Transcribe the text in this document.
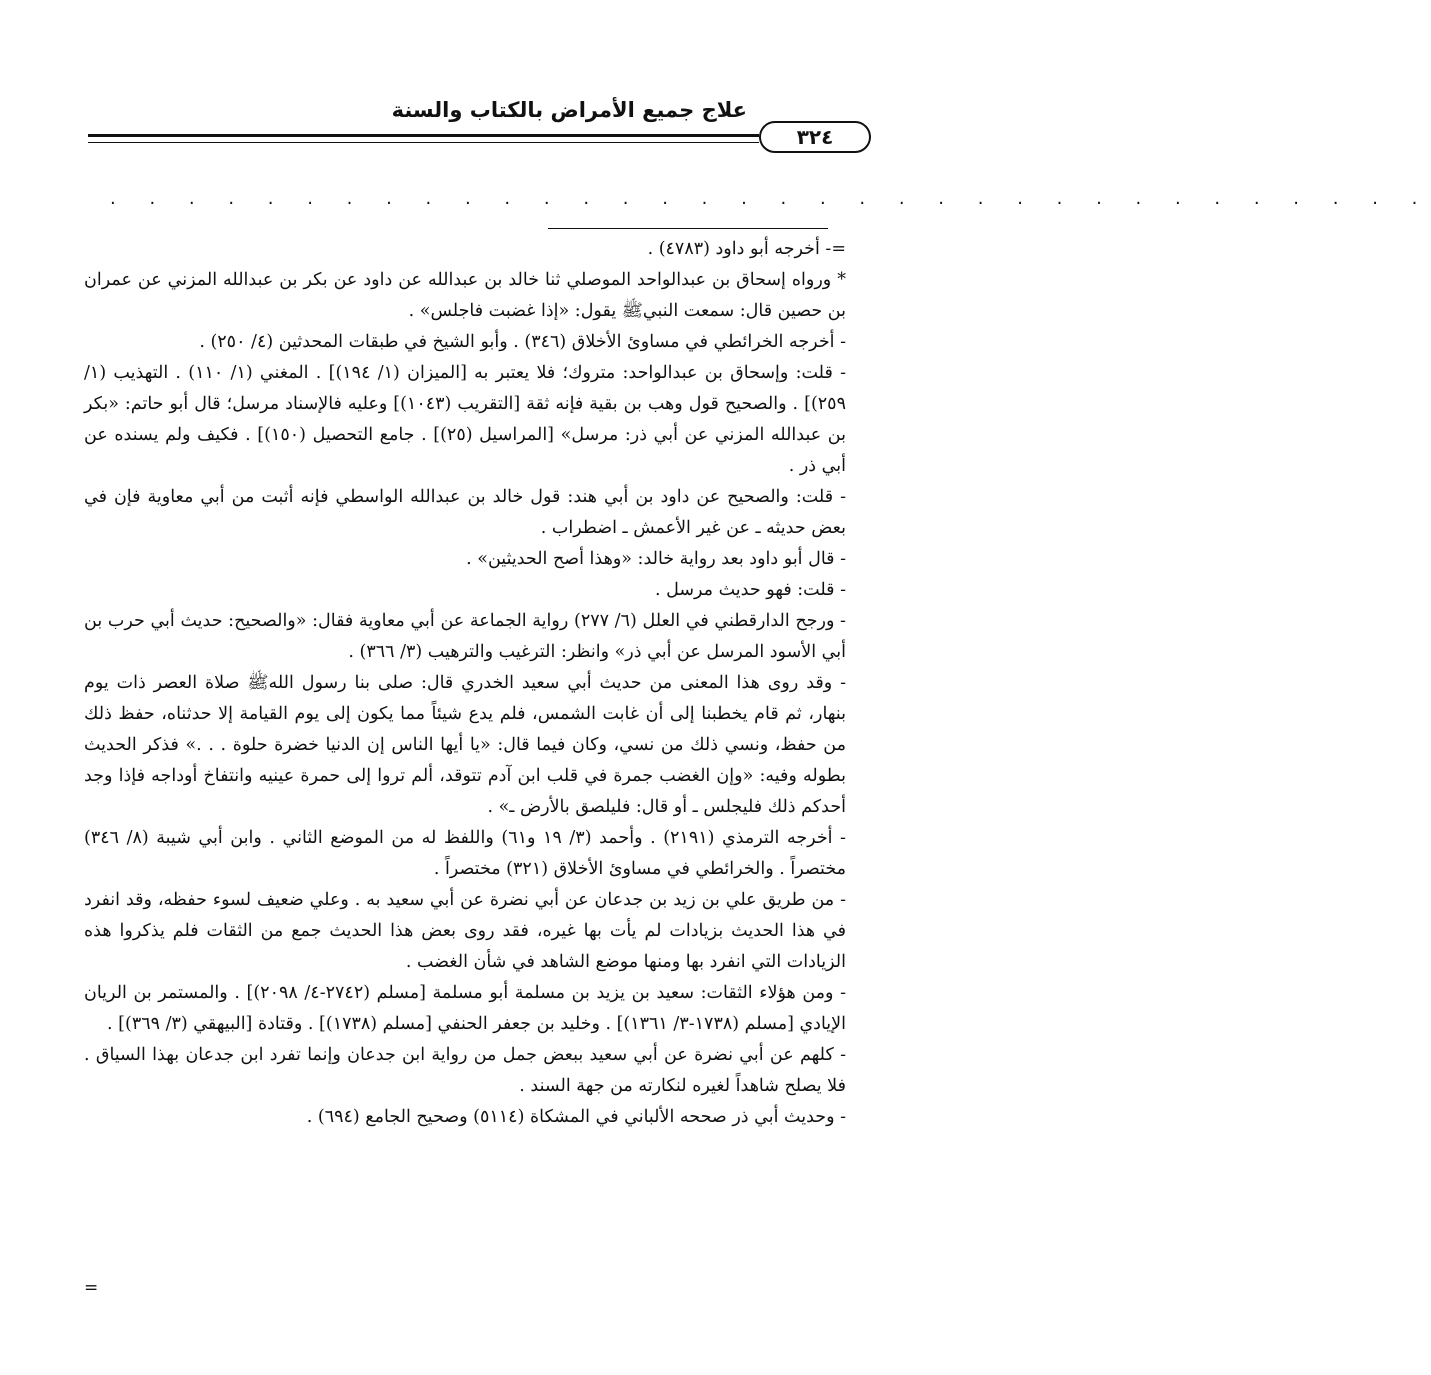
علاج جميع الأمراض بالكتاب والسنة
٣٢٤
. . . . . . . . . . . . . . . . . . . . . . . . . . . . . . . . . .

=- أخرجه أبو داود (٤٧٨٣) .

* ورواه إسحاق بن عبدالواحد الموصلي ثنا خالد بن عبدالله عن داود عن بكر بن عبدالله المزني عن عمران بن حصين قال: سمعت النبيﷺ يقول: «إذا غضبت فاجلس» .

- أخرجه الخرائطي في مساوئ الأخلاق (٣٤٦) . وأبو الشيخ في طبقات المحدثين (٤/ ٢٥٠) .

- قلت: وإسحاق بن عبدالواحد: متروك؛ فلا يعتبر به [الميزان (١/ ١٩٤)] . المغني (١/ ١١٠) . التهذيب (١/ ٢٥٩)] . والصحيح قول وهب بن بقية فإنه ثقة [التقريب (١٠٤٣)] وعليه فالإسناد مرسل؛ قال أبو حاتم: «بكر بن عبدالله المزني عن أبي ذر: مرسل» [المراسيل (٢٥)] . جامع التحصيل (١٥٠)] . فكيف ولم يسنده عن أبي ذر .

- قلت: والصحيح عن داود بن أبي هند: قول خالد بن عبدالله الواسطي فإنه أثبت من أبي معاوية فإن في بعض حديثه ـ عن غير الأعمش ـ اضطراب .

- قال أبو داود بعد رواية خالد: «وهذا أصح الحديثين» .

- قلت: فهو حديث مرسل .

- ورجح الدارقطني في العلل (٦/ ٢٧٧) رواية الجماعة عن أبي معاوية فقال: «والصحيح: حديث أبي حرب بن أبي الأسود المرسل عن أبي ذر» وانظر: الترغيب والترهيب (٣/ ٣٦٦) .

- وقد روى هذا المعنى من حديث أبي سعيد الخدري قال: صلى بنا رسول اللهﷺ صلاة العصر ذات يوم بنهار، ثم قام يخطبنا إلى أن غابت الشمس، فلم يدع شيئاً مما يكون إلى يوم القيامة إلا حدثناه، حفظ ذلك من حفظ، ونسي ذلك من نسي، وكان فيما قال: «يا أيها الناس إن الدنيا خضرة حلوة . . .» فذكر الحديث بطوله وفيه: «وإن الغضب جمرة في قلب ابن آدم تتوقد، ألم تروا إلى حمرة عينيه وانتفاخ أوداجه فإذا وجد أحدكم ذلك فليجلس ـ أو قال: فليلصق بالأرض ـ» .

- أخرجه الترمذي (٢١٩١) . وأحمد (٣/ ١٩ و٦١) واللفظ له من الموضع الثاني . وابن أبي شيبة (٨/ ٣٤٦) مختصراً . والخرائطي في مساوئ الأخلاق (٣٢١) مختصراً .

- من طريق علي بن زيد بن جدعان عن أبي نضرة عن أبي سعيد به . وعلي ضعيف لسوء حفظه، وقد انفرد في هذا الحديث بزيادات لم يأت بها غيره، فقد روى بعض هذا الحديث جمع من الثقات فلم يذكروا هذه الزيادات التي انفرد بها ومنها موضع الشاهد في شأن الغضب .

- ومن هؤلاء الثقات: سعيد بن يزيد بن مسلمة أبو مسلمة [مسلم (٢٧٤٢-٤/ ٢٠٩٨)] . والمستمر بن الريان الإيادي [مسلم (١٧٣٨-٣/ ١٣٦١)] . وخليد بن جعفر الحنفي [مسلم (١٧٣٨)] . وقتادة [البيهقي (٣/ ٣٦٩)] .

- كلهم عن أبي نضرة عن أبي سعيد ببعض جمل من رواية ابن جدعان وإنما تفرد ابن جدعان بهذا السياق . فلا يصلح شاهداً لغيره لنكارته من جهة السند .

- وحديث أبي ذر صححه الألباني في المشكاة (٥١١٤) وصحيح الجامع (٦٩٤) .

=
